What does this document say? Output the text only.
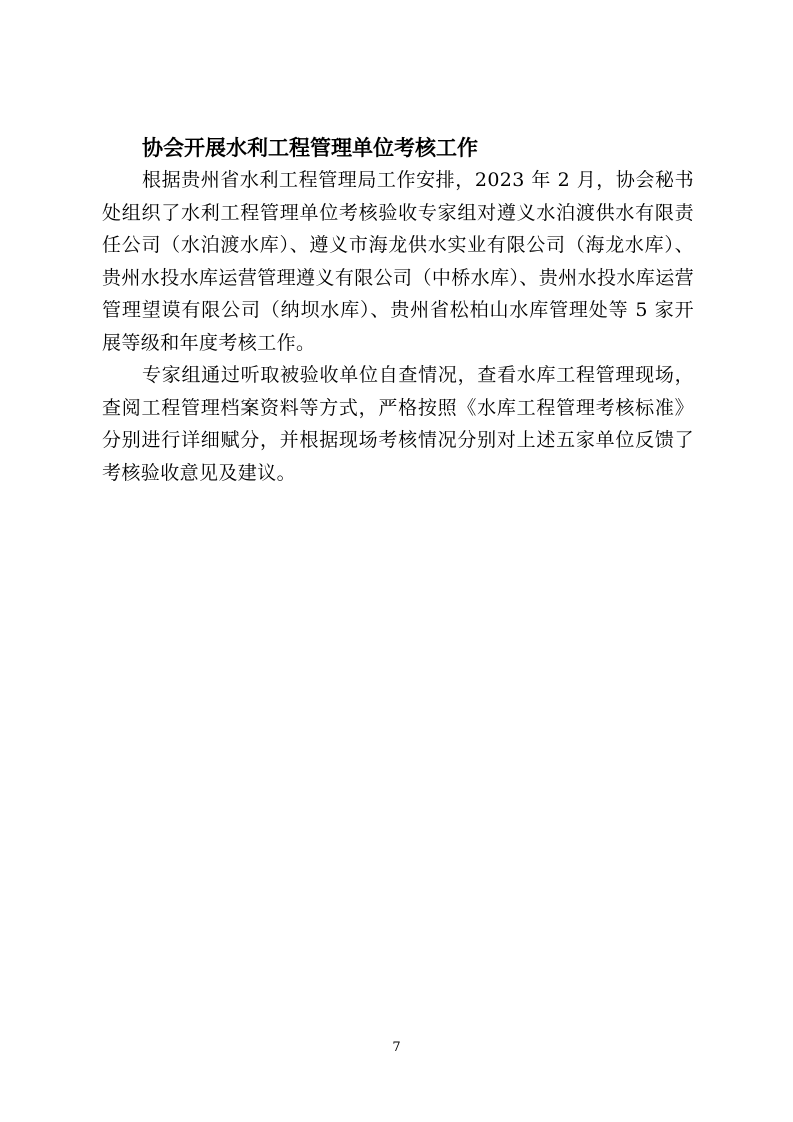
协会开展水利工程管理单位考核工作

根据贵州省水利工程管理局工作安排，2023 年 2 月，协会秘书处组织了水利工程管理单位考核验收专家组对遵义水泊渡供水有限责任公司（水泊渡水库）、遵义市海龙供水实业有限公司（海龙水库）、贵州水投水库运营管理遵义有限公司（中桥水库）、贵州水投水库运营管理望谟有限公司（纳坝水库）、贵州省松柏山水库管理处等 5 家开展等级和年度考核工作。

专家组通过听取被验收单位自查情况，查看水库工程管理现场，查阅工程管理档案资料等方式，严格按照《水库工程管理考核标准》分别进行详细赋分，并根据现场考核情况分别对上述五家单位反馈了考核验收意见及建议。

7
